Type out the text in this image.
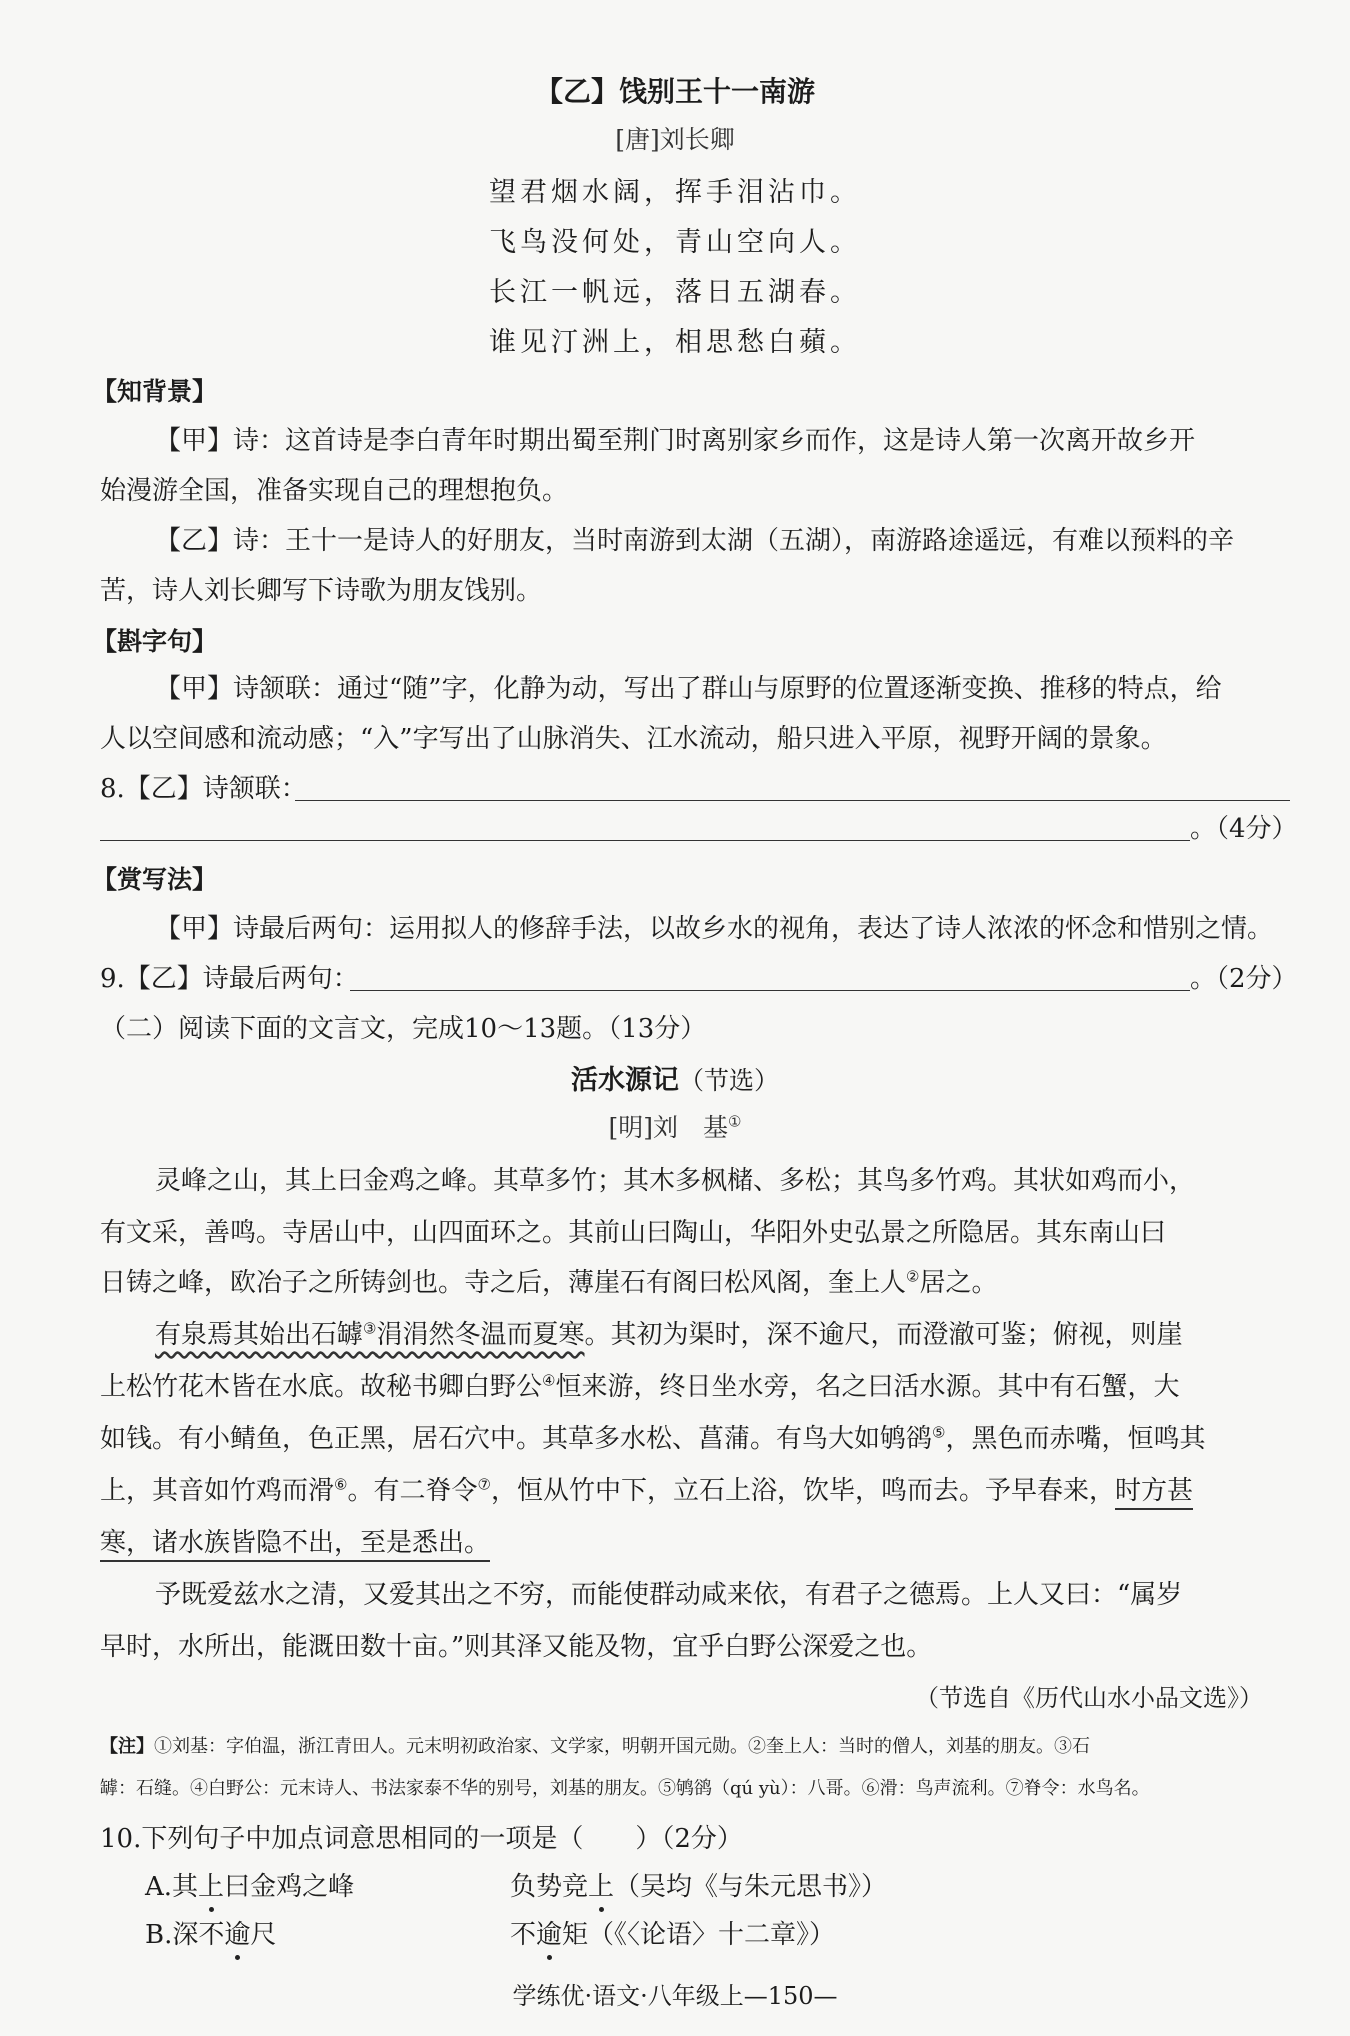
【乙】饯别王十一南游
[唐]刘长卿
望君烟水阔，挥手泪沾巾。
飞鸟没何处，青山空向人。
长江一帆远，落日五湖春。
谁见汀洲上，相思愁白蘋。
【知背景】
【甲】诗：这首诗是李白青年时期出蜀至荆门时离别家乡而作，这是诗人第一次离开故乡开
始漫游全国，准备实现自己的理想抱负。
【乙】诗：王十一是诗人的好朋友，当时南游到太湖（五湖），南游路途遥远，有难以预料的辛
苦，诗人刘长卿写下诗歌为朋友饯别。
【斟字句】
【甲】诗颔联：通过“随”字，化静为动，写出了群山与原野的位置逐渐变换、推移的特点，给
人以空间感和流动感；“入”字写出了山脉消失、江水流动，船只进入平原，视野开阔的景象。
8.【乙】诗颔联：
。（4分）
【赏写法】
【甲】诗最后两句：运用拟人的修辞手法，以故乡水的视角，表达了诗人浓浓的怀念和惜别之情。
9.【乙】诗最后两句：	。（2分）
（二）阅读下面的文言文，完成10～13题。（13分）
活水源记（节选）
[明]刘　基①
灵峰之山，其上曰金鸡之峰。其草多竹；其木多枫槠、多松；其鸟多竹鸡。其状如鸡而小，
有文采，善鸣。寺居山中，山四面环之。其前山曰陶山，华阳外史弘景之所隐居。其东南山曰
日铸之峰，欧冶子之所铸剑也。寺之后，薄崖石有阁曰松风阁，奎上人②居之。
有泉焉其始出石罅③涓涓然冬温而夏寒。其初为渠时，深不逾尺，而澄澈可鉴；俯视，则崖
上松竹花木皆在水底。故秘书卿白野公④恒来游，终日坐水旁，名之曰活水源。其中有石蟹，大
如钱。有小鲭鱼，色正黑，居石穴中。其草多水松、菖蒲。有鸟大如鸲鹆⑤，黑色而赤嘴，恒鸣其
上，其音如竹鸡而滑⑥。有二脊令⑦，恒从竹中下，立石上浴，饮毕，鸣而去。予早春来，时方甚
寒，诸水族皆隐不出，至是悉出。
予既爱兹水之清，又爱其出之不穷，而能使群动咸来依，有君子之德焉。上人又曰：“属岁
早时，水所出，能溉田数十亩。”则其泽又能及物，宜乎白野公深爱之也。
（节选自《历代山水小品文选》）
【注】①刘基：字伯温，浙江青田人。元末明初政治家、文学家，明朝开国元勋。②奎上人：当时的僧人，刘基的朋友。③石
罅：石缝。④白野公：元末诗人、书法家泰不华的别号，刘基的朋友。⑤鸲鹆（qú yù）：八哥。⑥滑：鸟声流利。⑦脊令：水鸟名。
10.下列句子中加点词意思相同的一项是（　　）（2分）
A.其上曰金鸡之峰	负势竞上（吴均《与朱元思书》）
B.深不逾尺	不逾矩（《〈论语〉十二章》）
学练优·语文·八年级上—150—
